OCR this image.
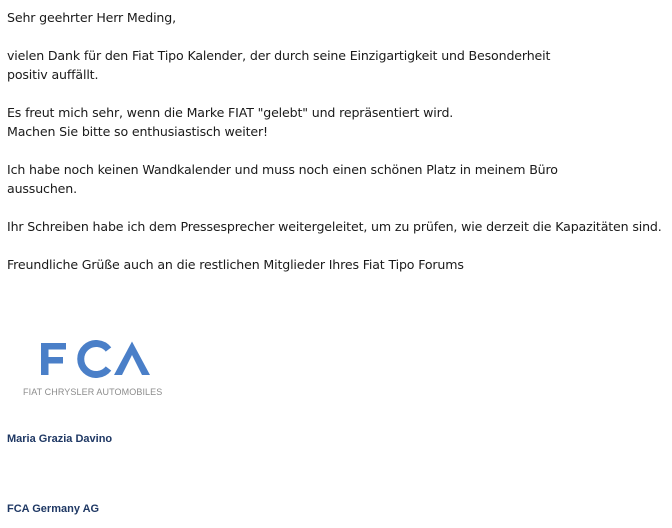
Sehr geehrter Herr Meding,

vielen Dank für den Fiat Tipo Kalender, der durch seine Einzigartigkeit und Besonderheit
positiv auffällt.

Es freut mich sehr, wenn die Marke FIAT "gelebt" und repräsentiert wird.
Machen Sie bitte so enthusiastisch weiter!

Ich habe noch keinen Wandkalender und muss noch einen schönen Platz in meinem Büro
aussuchen.

Ihr Schreiben habe ich dem Pressesprecher weitergeleitet, um zu prüfen, wie derzeit die Kapazitäten sind.

Freundliche Grüße auch an die restlichen Mitglieder Ihres Fiat Tipo Forums

FIAT CHRYSLER AUTOMOBILES
Maria Grazia Davino
FCA Germany AG
